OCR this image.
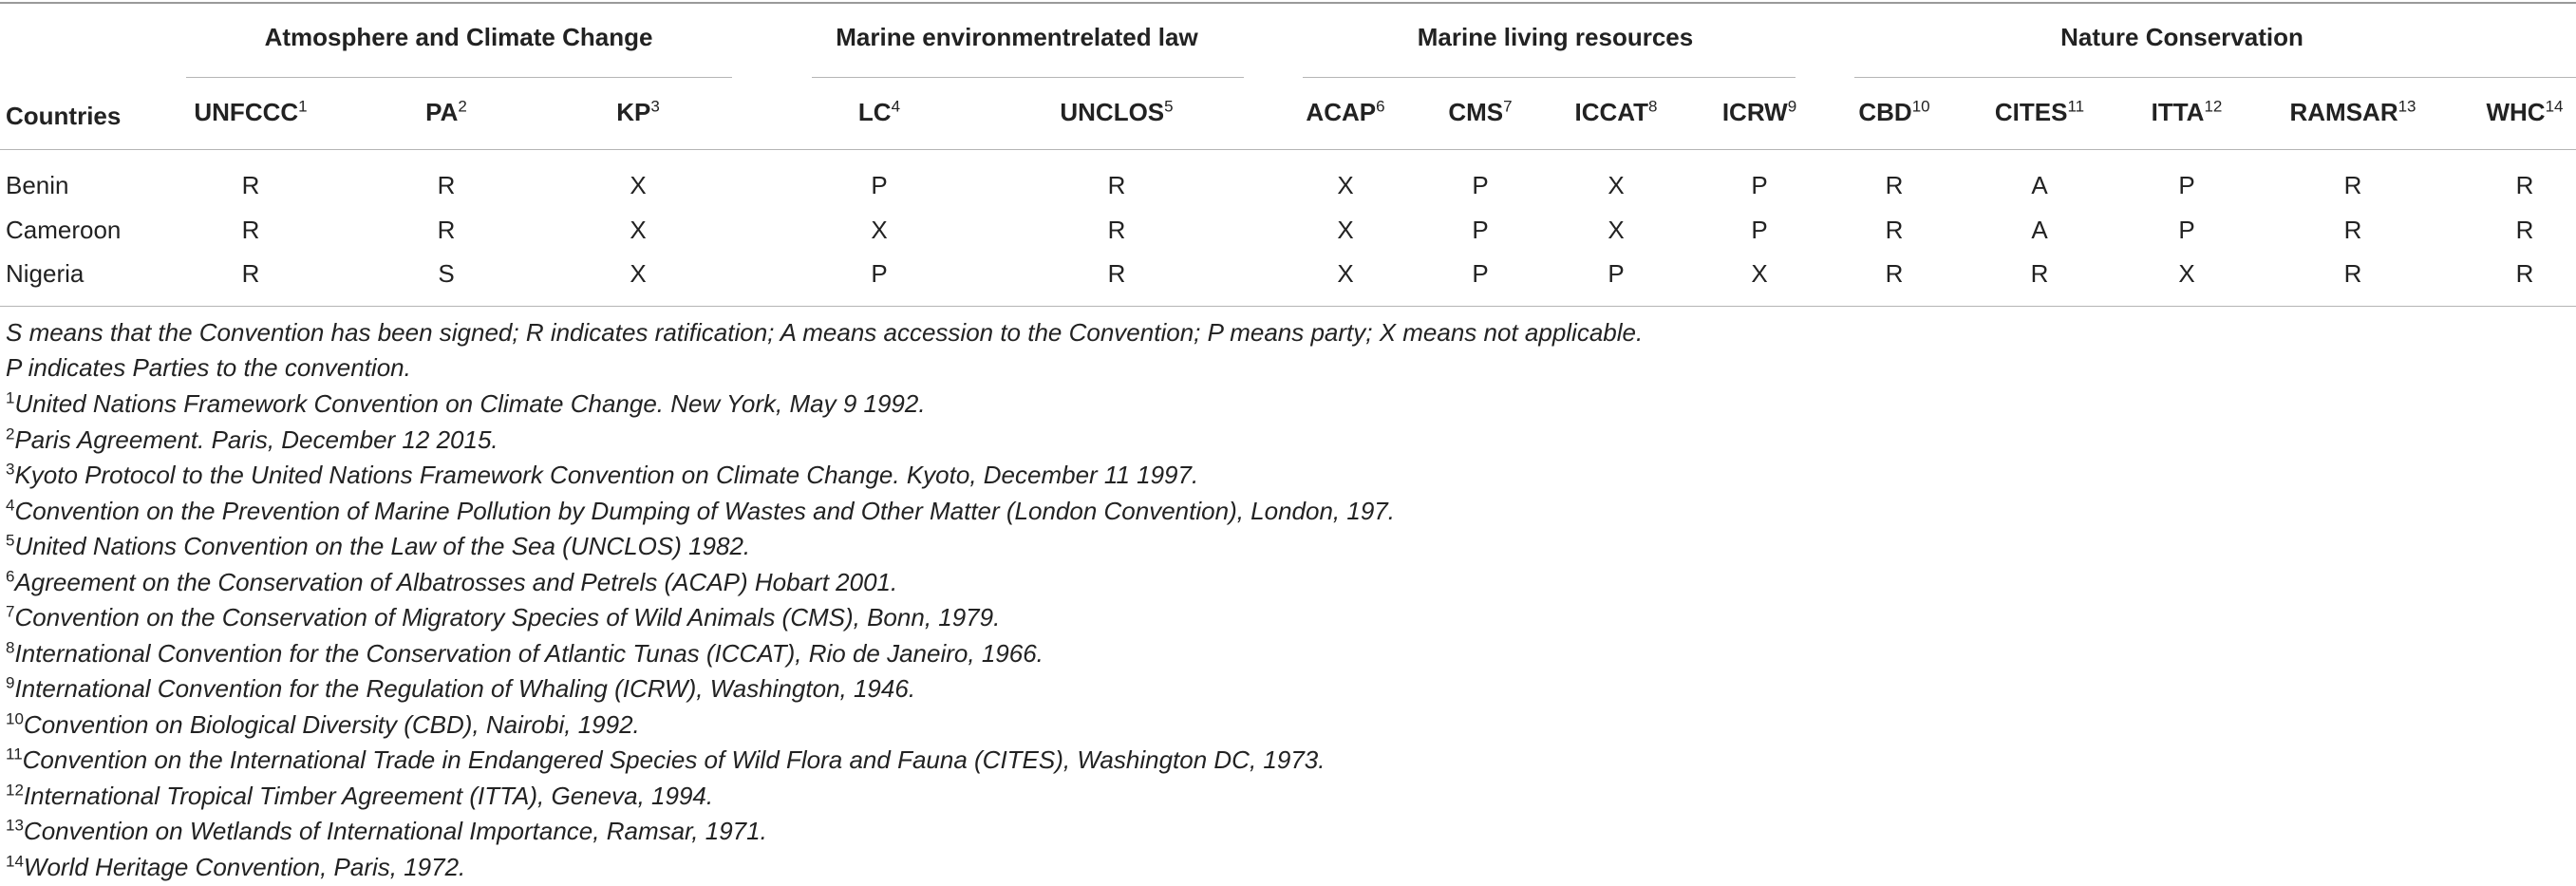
Atmosphere and Climate Change	Marine environmentrelated law	Marine living resources	Nature Conservation
Countries	UNFCCC$^1$	$PA^2$	$KP^3$	$LC^4$	UNCLOS$^5$	ACAP$^6$	CMS$^7$	ICCAT$^8$	ICRW$^9$	CBD$^{10}$	CITES$^{11}$	ITTA$^{12}$	RAMSAR$^{13}$	WHC$^{14}$
Benin	R	R	X	P	R	X	P	X	P	R	A	P	R	R
Cameroon	R	R	X	X	R	X	P	X	P	R	A	P	R	R
Nigeria	R	S	X	P	R	X	P	P	X	R	R	X	R	R
S means that the Convention has been signed; R indicates ratification; A means accession to the Convention; P means party; X means not applicable.
P indicates Parties to the convention.
$^1$United Nations Framework Convention on Climate Change. New York, May 9 1992.
$^2$Paris Agreement. Paris, December 12 2015.
$^3$Kyoto Protocol to the United Nations Framework Convention on Climate Change. Kyoto, December 11 1997.
$^4$Convention on the Prevention of Marine Pollution by Dumping of Wastes and Other Matter (London Convention), London, 197.
$^5$United Nations Convention on the Law of the Sea (UNCLOS) 1982.
$^6$Agreement on the Conservation of Albatrosses and Petrels (ACAP) Hobart 2001.
$^7$Convention on the Conservation of Migratory Species of Wild Animals (CMS), Bonn, 1979.
$^8$International Convention for the Conservation of Atlantic Tunas (ICCAT), Rio de Janeiro, 1966.
$^9$International Convention for the Regulation of Whaling (ICRW), Washington, 1946.
$^{10}$Convention on Biological Diversity (CBD), Nairobi, 1992.
$^{11}$Convention on the International Trade in Endangered Species of Wild Flora and Fauna (CITES), Washington DC, 1973.
$^{12}$International Tropical Timber Agreement (ITTA), Geneva, 1994.
$^{13}$Convention on Wetlands of International Importance, Ramsar, 1971.
$^{14}$World Heritage Convention, Paris, 1972.
